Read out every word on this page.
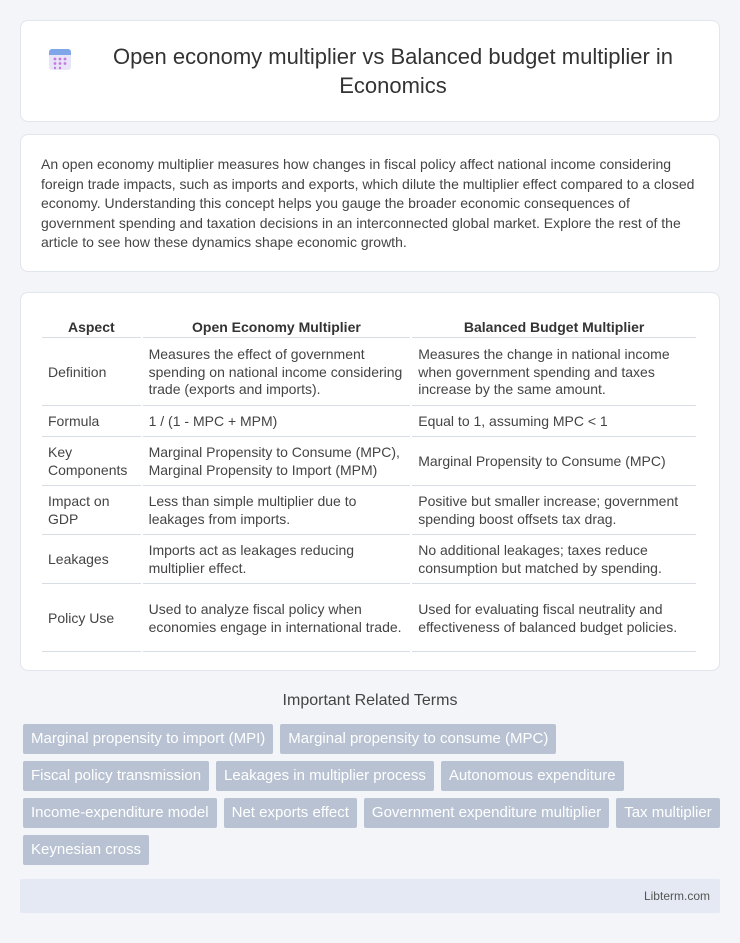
Open economy multiplier vs Balanced budget multiplier in Economics

An open economy multiplier measures how changes in fiscal policy affect national income considering foreign trade impacts, such as imports and exports, which dilute the multiplier effect compared to a closed economy. Understanding this concept helps you gauge the broader economic consequences of government spending and taxation decisions in an interconnected global market. Explore the rest of the article to see how these dynamics shape economic growth.

Aspect	Open Economy Multiplier	Balanced Budget Multiplier
Definition	Measures the effect of government spending on national income considering trade (exports and imports).	Measures the change in national income when government spending and taxes increase by the same amount.
Formula	1 / (1 - MPC + MPM)	Equal to 1, assuming MPC < 1
Key Components	Marginal Propensity to Consume (MPC), Marginal Propensity to Import (MPM)	Marginal Propensity to Consume (MPC)
Impact on GDP	Less than simple multiplier due to leakages from imports.	Positive but smaller increase; government spending boost offsets tax drag.
Leakages	Imports act as leakages reducing multiplier effect.	No additional leakages; taxes reduce consumption but matched by spending.
Policy Use	Used to analyze fiscal policy when economies engage in international trade.	Used for evaluating fiscal neutrality and effectiveness of balanced budget policies.
Important Related Terms
Marginal propensity to import (MPI)	Marginal propensity to consume (MPC)
Fiscal policy transmission	Leakages in multiplier process	Autonomous expenditure
Income-expenditure model	Net exports effect	Government expenditure multiplier	Tax multiplier
Keynesian cross
Libterm.com
